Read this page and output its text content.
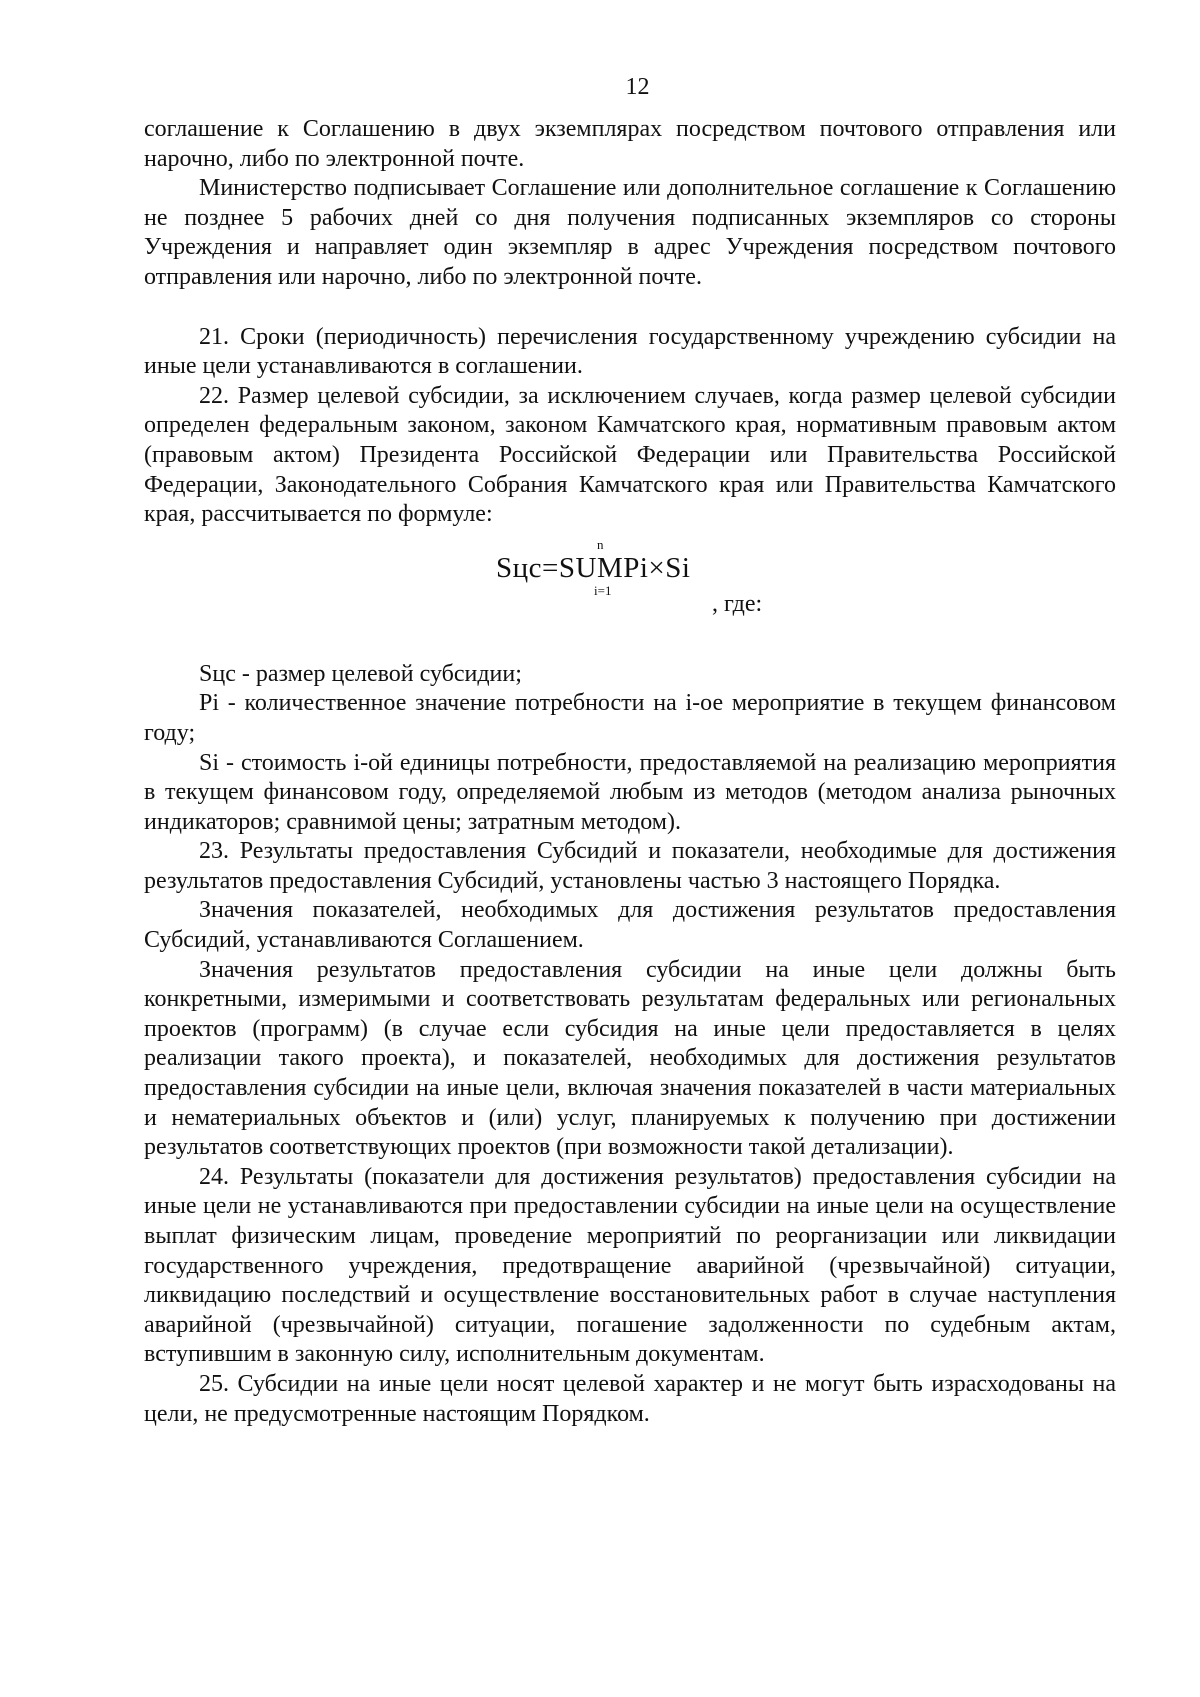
12

соглашение к Соглашению в двух экземплярах посредством почтового отправления или нарочно, либо по электронной почте.

Министерство подписывает Соглашение или дополнительное соглашение к Соглашению не позднее 5 рабочих дней со дня получения подписанных экземпляров со стороны Учреждения и направляет один экземпляр в адрес Учреждения посредством почтового отправления или нарочно, либо по электронной почте.

21. Сроки (периодичность) перечисления государственному учреждению субсидии на иные цели устанавливаются в соглашении.

22. Размер целевой субсидии, за исключением случаев, когда размер целевой субсидии определен федеральным законом, законом Камчатского края, нормативным правовым актом (правовым актом) Президента Российской Федерации или Правительства Российской Федерации, Законодательного Собрания Камчатского края или Правительства Камчатского края, рассчитывается по формуле:

n
Sцс=SUMPi×Si
i=1
, где:

Sцс - размер целевой субсидии;

Pi - количественное значение потребности на i-ое мероприятие в текущем финансовом году;

Si - стоимость i-ой единицы потребности, предоставляемой на реализацию мероприятия в текущем финансовом году, определяемой любым из методов (методом анализа рыночных индикаторов; сравнимой цены; затратным методом).

23. Результаты предоставления Субсидий и показатели, необходимые для достижения результатов предоставления Субсидий, установлены частью 3 настоящего Порядка.

Значения показателей, необходимых для достижения результатов предоставления Субсидий, устанавливаются Соглашением.

Значения результатов предоставления субсидии на иные цели должны быть конкретными, измеримыми и соответствовать результатам федеральных или региональных проектов (программ) (в случае если субсидия на иные цели предоставляется в целях реализации такого проекта), и показателей, необходимых для достижения результатов предоставления субсидии на иные цели, включая значения показателей в части материальных и нематериальных объектов и (или) услуг, планируемых к получению при достижении результатов соответствующих проектов (при возможности такой детализации).

24. Результаты (показатели для достижения результатов) предоставления субсидии на иные цели не устанавливаются при предоставлении субсидии на иные цели на осуществление выплат физическим лицам, проведение мероприятий по реорганизации или ликвидации государственного учреждения, предотвращение аварийной (чрезвычайной) ситуации, ликвидацию последствий и осуществление восстановительных работ в случае наступления аварийной (чрезвычайной) ситуации, погашение задолженности по судебным актам, вступившим в законную силу, исполнительным документам.

25. Субсидии на иные цели носят целевой характер и не могут быть израсходованы на цели, не предусмотренные настоящим Порядком.
